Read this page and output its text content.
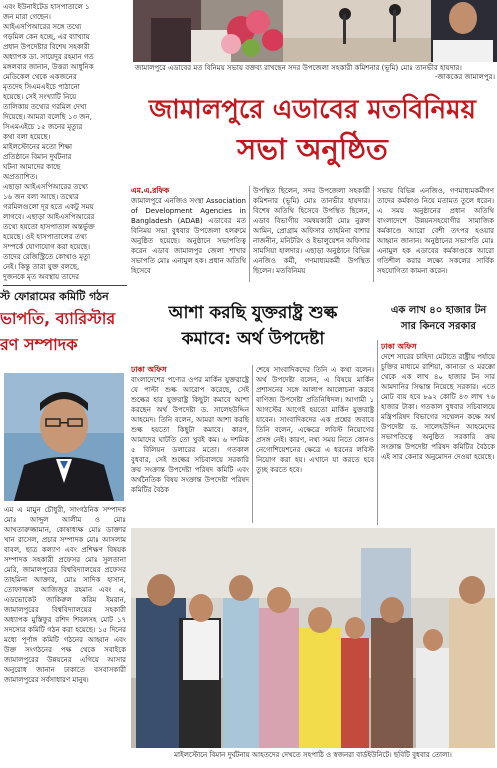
এবং ইউনাইটেড হাসপাতালে ১
জন মারা গেছেন।
আইএসপিআরের সঙ্গে তথ্যে
গড়মিল কেন হচ্ছে, এর ব্যাখ্যায়
প্রধান উপদেষ্টার বিশেষ সহকারী
অধ্যাপক ডা. সায়েদুর রহমান গত
মঙ্গলবার জানান, উত্তরা আধুনিক
মেডিকেল থেকে একজনের
মৃতদেহ সিএমএইচে পাঠানো
হয়েছে। সেই সংখ্যাটি নিয়ে
তালিকায় তথ্যের গরমিল দেখা
দিয়েছে। আমরা বলেছি ১৩ জন,
সিএমএইচে ১৫ জনের মৃত্যুর
কথা বলা হয়েছে।
মাইলস্টোনের মতো শিক্ষা
প্রতিষ্ঠানে বিমান দুর্ঘটনার
ঘটনা আমাদের কাছে
অপ্রত্যাশিত।
এছাড়া আইএসপিআরের তথ্যে
১৬ জন বলা আছে। তথ্যের
গরমিলগুলো দূর হতে একটু সময়
লাগবে। এছাড়া আইএসপিআরের
তথ্যে হয়তো হাসপাতাল অন্তর্ভুক্ত
হয়েছে। ওই হাসপাতালের তথ্য
সম্পর্কে যোগাযোগ করা হয়েছে।
তাদের রেজিস্ট্রিতে কোথাও মৃত্যু
নেই। কিন্তু তারা যুক্ত বলছে,
দুজনকে মৃত অবস্থায় তাদের
জামালপুরে এডাবের মত বিনিময় সভায় বক্তব্য রাখছেন সদর উপজেলা সহকারী কমিশনার (ভূমি) মোঃ তানভীর হায়দার।
-জাককের জামালপুর।
জামালপুরে এডাবের মতবিনিময়
সভা অনুষ্ঠিত
এম.এ.রফিক
জামালপুরে এনজিও সংস্থা Association of Development Agencies in Bangladesh (ADAB) এডাবের মত বিনিময় সভা বুধবার উপজেলা হলরুমে অনুষ্ঠিত হয়েছে। অনুষ্ঠানে সভাপতিত্ব করেন এডাব জামালপুর জেলা শাখার সভাপতি মোঃ এনামুল হক। প্রধান অতিথি হিসেবে
উপস্থিত ছিলেন, সদর উপজেলা সহকারী কমিশনার (ভূমি) মোঃ তানভীর হায়দার। বিশেষ অতিথি হিসেবে উপস্থিত ছিলেন, এডাব বিভাগীয় সমন্বয়কারী মোঃ নুরুল আমিন, প্রোগ্রাম অফিসার তাহমিনা বাশার নাজনীন, মনিটরিং ও ইভালুয়েশন অফিসার সামসিয়া হালদার। এছাড়া অনুষ্ঠানে বিভিন্ন এনজিও কর্মী, গণমাধ্যমকর্মী উপস্থিত ছিলেন। মতবিনিময়
সভায় বিভিন্ন এনজিও, গণমাধ্যমকর্মীগণ তাদের কর্মকাণ্ড নিয়ে মতামত তুলে ধরেন। এ সময় অনুষ্ঠানের প্রধান অতিথি বাংলাদেশে উন্নয়নসহযোগীর সামাজিক কর্মকাণ্ডে আরো বেশী তৎপর হওয়ার আহ্বান জানান। অনুষ্ঠানের সভাপতি মোঃ এনামুল হক এডাবের কর্মকাণ্ডকে আরো গতিশীল করার লক্ষ্যে সকলের সার্বিক সহযোগিতা কামনা করেন।
স্ট ফোরামের কমিটি গঠন
ভাপতি, ব্যারিস্টার
রণ সম্পাদক
আশা করছি যুক্তরাষ্ট্র শুল্ক
কমাবে: অর্থ উপদেষ্টা
এক লাখ ৪০ হাজার টন
সার কিনবে সরকার
এম এ মামুন চৌধুরী, সাংগঠনিক সম্পাদক মোঃ আব্দুল আলীম ও মোঃ আখতারুজ্জামান, কোষাধ্যক্ষ মোঃ ডাক্তার খান রাসেল, প্রচার সম্পাদক মোঃ আসলাম বাবল, ছাত্র কল্যাণ এবং প্রশিক্ষণ বিষয়ক সম্পাদক সহকারী প্রফেসর মোঃ সুলতানা মেরি, জামালপুরের বিশ্ববিদ্যালয়ের প্রফেসর তাহমিনা আক্তার, মোঃ সাদিক হাসান, তোফাজ্জল আজিজুর রহমান এবং এ, এডভোকেট জাকিরুল করিম ইমরান, জামালপুরের বিশ্ববিদ্যালয়ের সহকারী অধ্যাপক মুস্তিফুর রশিদ শিবলসহ মোট ১৭ সদস্যের কমিটি গঠন করা হয়েছে। ১৫ দিনের মধ্যে পূর্ণাঙ্গ কমিটি গঠনের আহ্বান এবং উক্ত সংগঠনের পক্ষ থেকে সবাইকে জামালপুরের উন্নয়নের এগিয়ে আসার অনুরোধ জানান ঢাকাতে বসবাসকারী জামালপুরের সর্বসাধারণ মানুষ।
ঢাকা অফিস
বাংলাদেশের পণ্যের ওপর মার্কিন যুক্তরাষ্ট্রে যে পাল্টা শুল্ক আরোপ করেছে, সেই শুল্কের হার যুক্তরাষ্ট্র কিছুটা কমাবে আশা করছেন অর্থ উপদেষ্টা ড. সালেহউদ্দিন আহমেদ। তিনি বলেন, আমরা আশা করছি শুল্ক হয়তো কিছুটা কমাবে। কারণ, আমাদের ঘাটতি তো খুবই কম। ৬ দশমিক ৫ বিলিয়ন ডলারের মতো। গতকাল বুধবার, সেই শুল্কের সচিবালয়ে সরকারি ক্রয় সংক্রান্ত উপদেষ্টা পরিষদ কমিটি এবং অর্থনৈতিক বিষয় সংক্রান্ত উপদেষ্টা পরিষদ কমিটির বৈঠক
শেষে সাংবাদিকদের তিনি এ কথা বলেন। অর্থ উপদেষ্টা বলেন, এ বিষয়ে মার্কিন প্রশাসনের সঙ্গে আলাপ আলোচনা করবে বাণিজ্য উপদেষ্টা প্রতিনিধিদল। আগামী ১ আগস্টের আগেই হয়তো মার্কিন যুক্তরাষ্ট্র যাবেন। সাংবাদিকদের এক প্রশ্নের জবাবে তিনি বলেন, এক্ষেত্রে লবিস্ট নিয়োগের প্রসঙ্গ নেই। কারণ, নথ্য সময় নিতে কোনও নেগোশিয়েশনের ক্ষেত্রে এ ধরনের লবিস্ট নিয়োগ করা হয়। এখানে যা করতে হবে তুচ্ছ করতে হবে।
ঢাকা অফিস
দেশে সারের চাহিদা মেটাতে রাষ্ট্রীয় পর্যায়ে চুক্তির মাধ্যমে রাশিয়া, কানাডা ও মরক্কো থেকে এক লাখ ৪০ হাজার টন সার আমদানির সিদ্ধান্ত নিয়েছে সরকার। এতে মোট ব্যয় হবে ৮৯২ কোটি ৪৩ লাখ ৭৬ হাজার টাকা। গতকাল বুধবার সচিবালয়ে মন্ত্রিপরিষদ বিভাগের সম্মেলন কক্ষে অর্থ উপদেষ্টা ড. সালেহউদ্দিন আহমেদের সভাপতিত্বে অনুষ্ঠিত সরকারি ক্রয় সংক্রান্ত উপদেষ্টা পরিষদ কমিটির বৈঠকে এই সার কেনার অনুমোদন দেওয়া হয়েছে।
মাইলস্টোনে বিমান দুর্ঘটনায় আহতদের দেখতে সহপাঠি ও স্বজনরা বার্ডইউনিটে। ছবিটি বুধবার তোলা।
